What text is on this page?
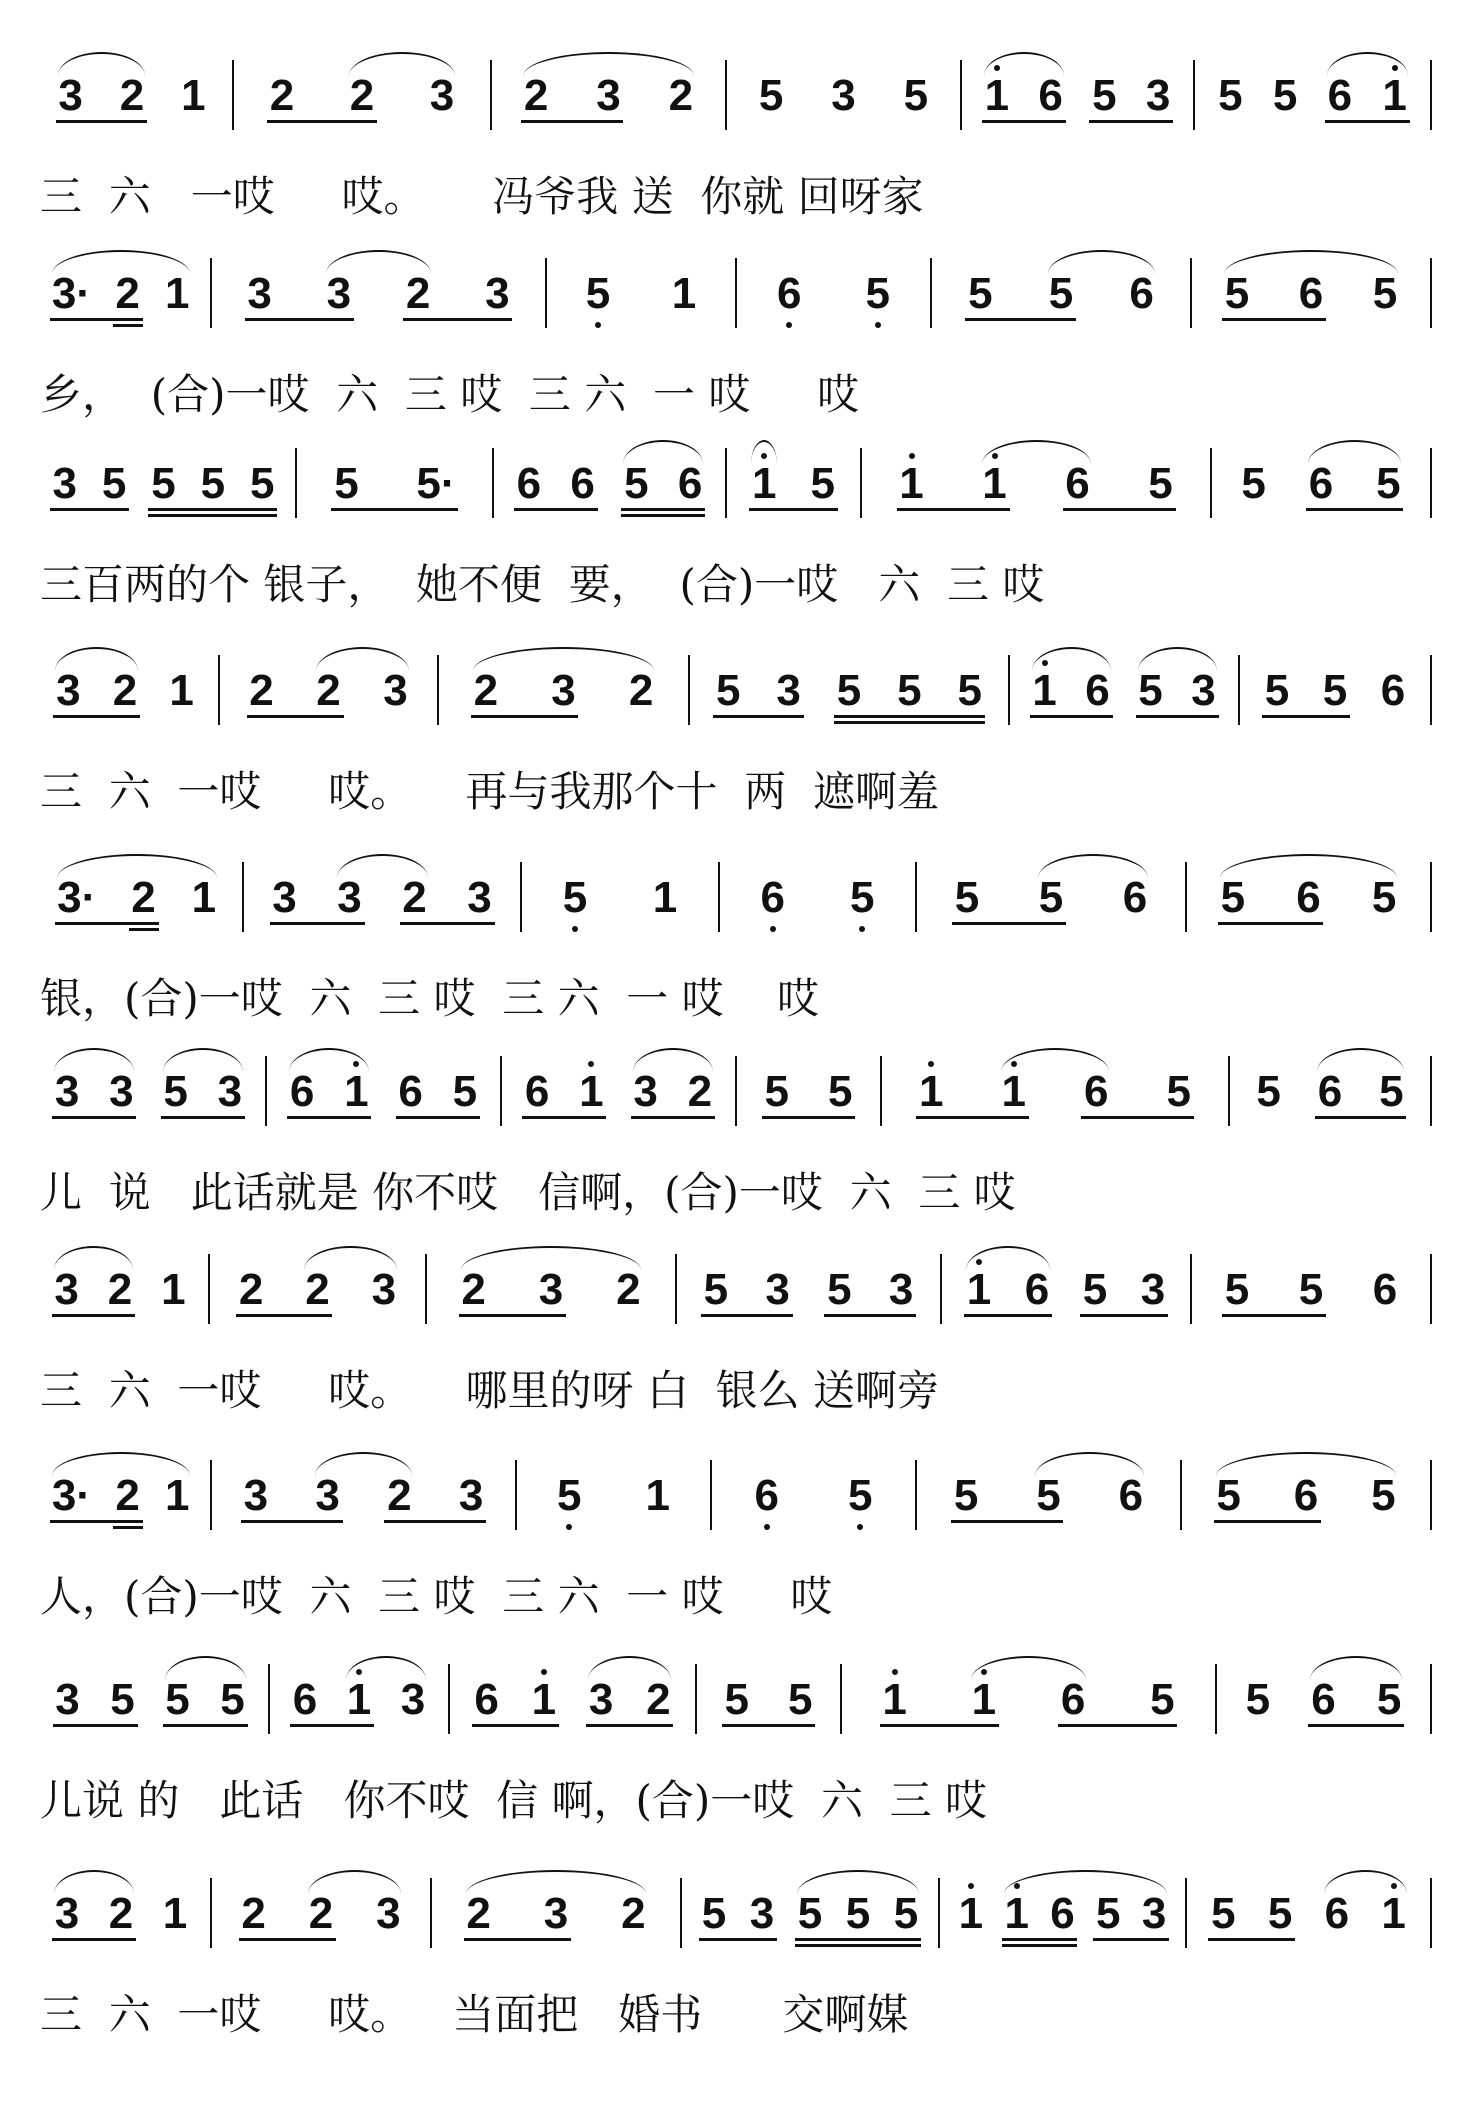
3 2 1 2 2 3 2 3 2 5 3 5 1 6 5 3 5 5 6 1
三  六   一哎     哎。     冯爷我 送  你就 回呀家
3· 2 1 3 3 2 3 5 1 6 5 5 5 6 5 6 5
乡，  (合)一哎  六  三 哎  三 六  一 哎     哎
3 5 5 5 5 5 5· 6 6 5 6 1 5 1 1 6 5 5 6 5
三百两的个 银子，  她不便  要，  (合)一哎   六  三 哎
3 2 1 2 2 3 2 3 2 5 3 5 5 5 1 6 5 3 5 5 6
三  六  一哎     哎。    再与我那个十  两  遮啊羞
3· 2 1 3 3 2 3 5 1 6 5 5 5 6 5 6 5
银，(合)一哎  六  三 哎  三 六  一 哎    哎
3 3 5 3 6 1 6 5 6 1 3 2 5 5 1 1 6 5 5 6 5
儿  说   此话就是 你不哎   信啊，(合)一哎  六  三 哎
3 2 1 2 2 3 2 3 2 5 3 5 3 1 6 5 3 5 5 6
三  六  一哎     哎。    哪里的呀 白  银么 送啊旁
3· 2 1 3 3 2 3 5 1 6 5 5 5 6 5 6 5
人，(合)一哎  六  三 哎  三 六  一 哎     哎
3 5 5 5 6 1 3 6 1 3 2 5 5 1 1 6 5 5 6 5
儿说 的   此话   你不哎  信 啊，(合)一哎  六  三 哎
3 2 1 2 2 3 2 3 2 5 3 5 5 5 1 1 6 5 3 5 5 6 1
三  六  一哎     哎。   当面把   婚书      交啊媒
